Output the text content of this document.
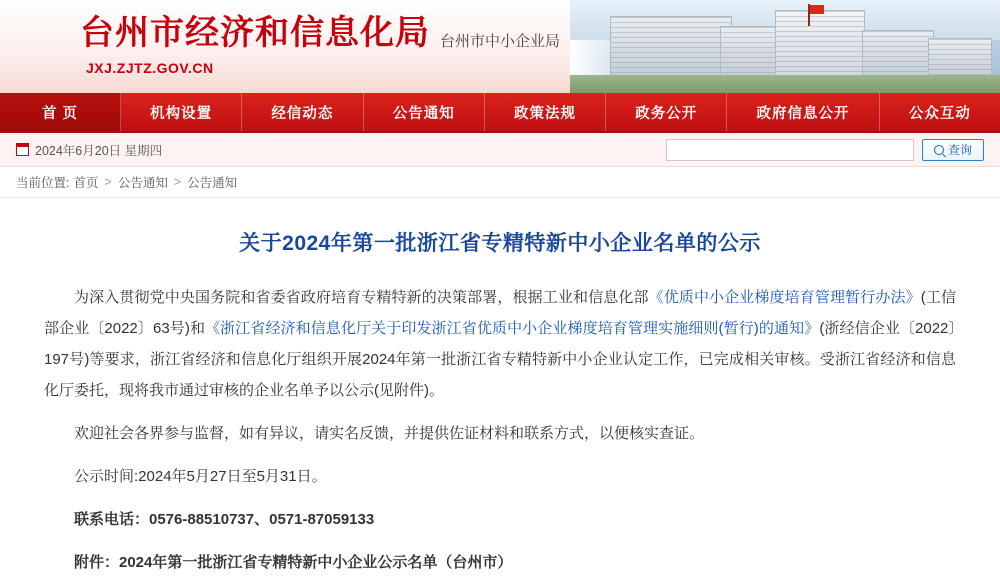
台州市经济和信息化局 台州市中小企业局
JXJ.ZJTZ.GOV.CN
首 页	机构设置	经信动态	公告通知	政策法规	政务公开	政府信息公开	公众互动
2024年6月20日 星期四	查询
当前位置: 首页 > 公告通知 > 公告通知
关于2024年第一批浙江省专精特新中小企业名单的公示

为深入贯彻党中央国务院和省委省政府培育专精特新的决策部署，根据工业和信息化部《优质中小企业梯度培育管理暂行办法》(工信部企业〔2022〕63号)和《浙江省经济和信息化厅关于印发浙江省优质中小企业梯度培育管理实施细则(暂行)的通知》(浙经信企业〔2022〕197号)等要求，浙江省经济和信息化厅组织开展2024年第一批浙江省专精特新中小企业认定工作，已完成相关审核。受浙江省经济和信息化厅委托，现将我市通过审核的企业名单予以公示(见附件)。

欢迎社会各界参与监督，如有异议，请实名反馈，并提供佐证材料和联系方式，以便核实查证。

公示时间:2024年5月27日至5月31日。

联系电话：0576-88510737、0571-87059133

附件：2024年第一批浙江省专精特新中小企业公示名单（台州市）
